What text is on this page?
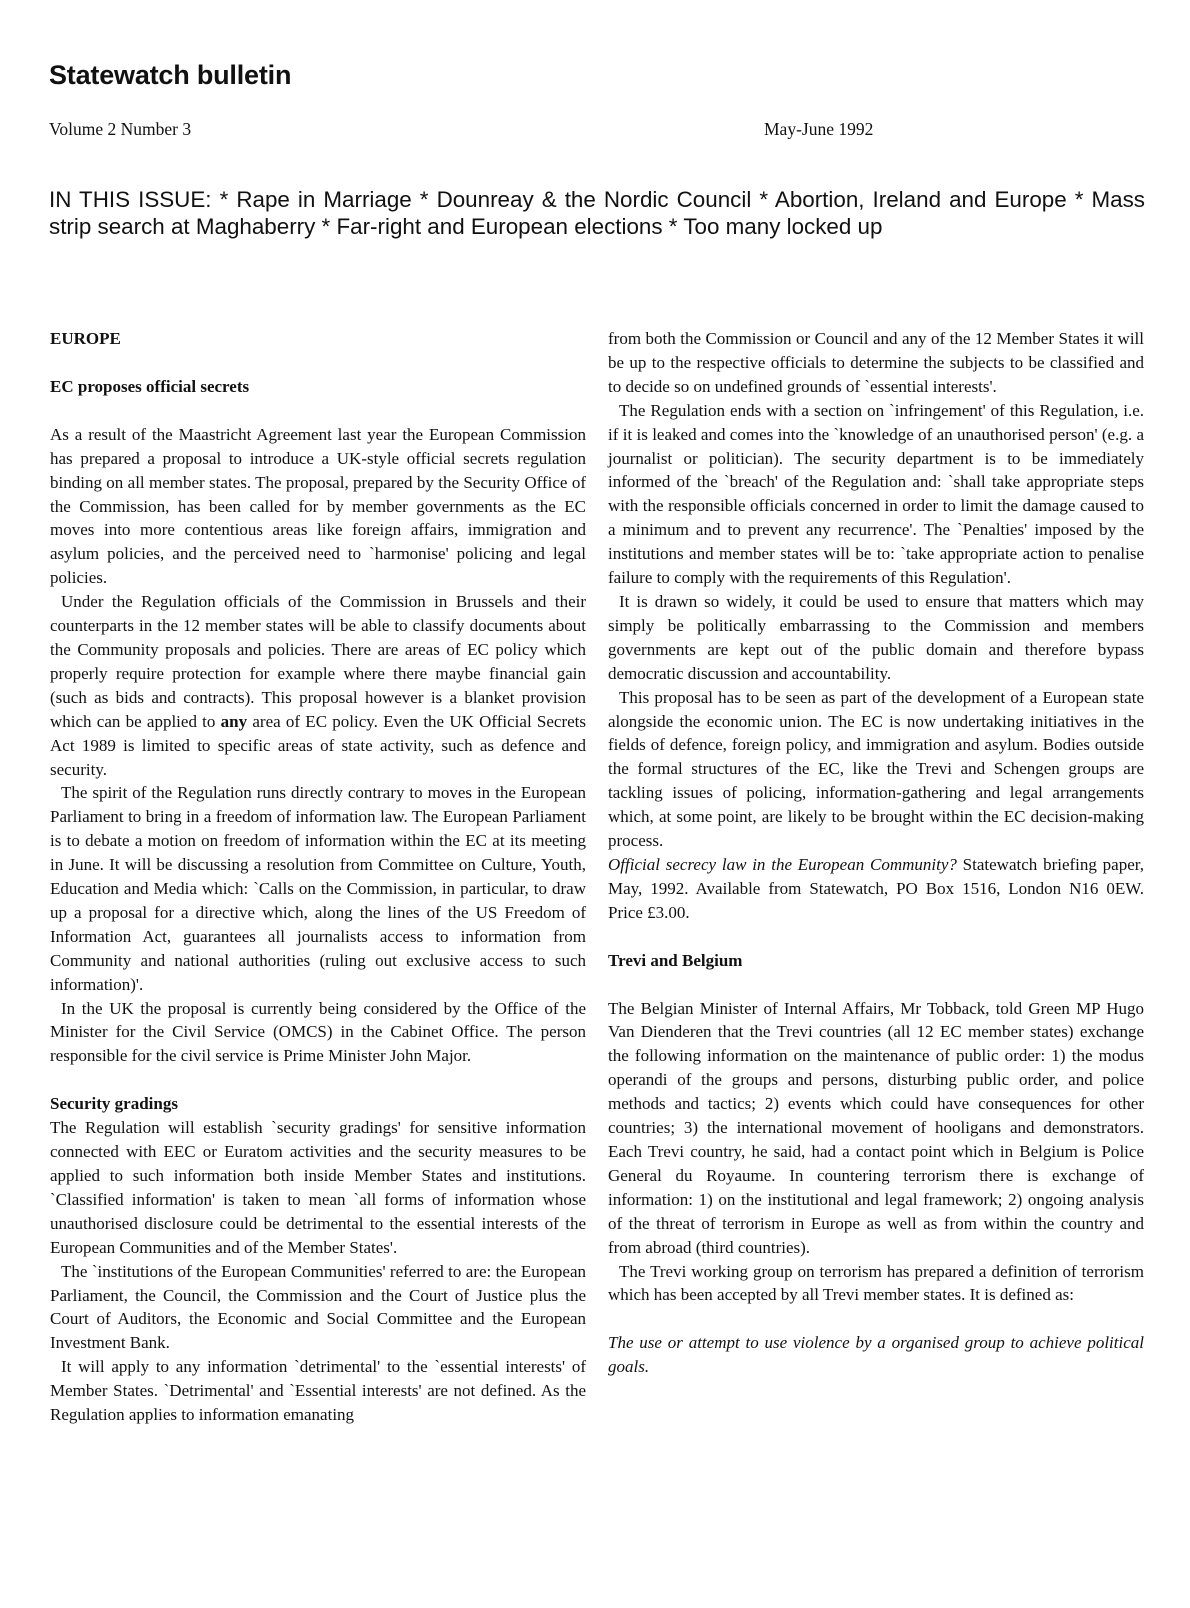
Statewatch bulletin
Volume 2 Number 3	May-June 1992

IN THIS ISSUE: * Rape in Marriage * Dounreay & the Nordic Council * Abortion, Ireland and Europe * Mass strip search at Maghaberry * Far-right and European elections * Too many locked up

EUROPE
EC proposes official secrets

As a result of the Maastricht Agreement last year the European Commission has prepared a proposal to introduce a UK-style official secrets regulation binding on all member states. The proposal, prepared by the Security Office of the Commission, has been called for by member governments as the EC moves into more contentious areas like foreign affairs, immigration and asylum policies, and the perceived need to `harmonise' policing and legal policies.

Under the Regulation officials of the Commission in Brussels and their counterparts in the 12 member states will be able to classify documents about the Community proposals and policies. There are areas of EC policy which properly require protection for example where there maybe financial gain (such as bids and contracts). This proposal however is a blanket provision which can be applied to any area of EC policy. Even the UK Official Secrets Act 1989 is limited to specific areas of state activity, such as defence and security.

The spirit of the Regulation runs directly contrary to moves in the European Parliament to bring in a freedom of information law. The European Parliament is to debate a motion on freedom of information within the EC at its meeting in June. It will be discussing a resolution from Committee on Culture, Youth, Education and Media which: `Calls on the Commission, in particular, to draw up a proposal for a directive which, along the lines of the US Freedom of Information Act, guarantees all journalists access to information from Community and national authorities (ruling out exclusive access to such information)'.

In the UK the proposal is currently being considered by the Office of the Minister for the Civil Service (OMCS) in the Cabinet Office. The person responsible for the civil service is Prime Minister John Major.

Security gradings

The Regulation will establish `security gradings' for sensitive information connected with EEC or Euratom activities and the security measures to be applied to such information both inside Member States and institutions. `Classified information' is taken to mean `all forms of information whose unauthorised disclosure could be detrimental to the essential interests of the European Communities and of the Member States'.

The `institutions of the European Communities' referred to are: the European Parliament, the Council, the Commission and the Court of Justice plus the Court of Auditors, the Economic and Social Committee and the European Investment Bank.

It will apply to any information `detrimental' to the `essential interests' of Member States. `Detrimental' and `Essential interests' are not defined. As the Regulation applies to information emanating

from both the Commission or Council and any of the 12 Member States it will be up to the respective officials to determine the subjects to be classified and to decide so on undefined grounds of `essential interests'.

The Regulation ends with a section on `infringement' of this Regulation, i.e. if it is leaked and comes into the `knowledge of an unauthorised person' (e.g. a journalist or politician). The security department is to be immediately informed of the `breach' of the Regulation and: `shall take appropriate steps with the responsible officials concerned in order to limit the damage caused to a minimum and to prevent any recurrence'. The `Penalties' imposed by the institutions and member states will be to: `take appropriate action to penalise failure to comply with the requirements of this Regulation'.

It is drawn so widely, it could be used to ensure that matters which may simply be politically embarrassing to the Commission and members governments are kept out of the public domain and therefore bypass democratic discussion and accountability.

This proposal has to be seen as part of the development of a European state alongside the economic union. The EC is now undertaking initiatives in the fields of defence, foreign policy, and immigration and asylum. Bodies outside the formal structures of the EC, like the Trevi and Schengen groups are tackling issues of policing, information-gathering and legal arrangements which, at some point, are likely to be brought within the EC decision-making process.

Official secrecy law in the European Community? Statewatch briefing paper, May, 1992. Available from Statewatch, PO Box 1516, London N16 0EW. Price £3.00.

Trevi and Belgium

The Belgian Minister of Internal Affairs, Mr Tobback, told Green MP Hugo Van Dienderen that the Trevi countries (all 12 EC member states) exchange the following information on the maintenance of public order: 1) the modus operandi of the groups and persons, disturbing public order, and police methods and tactics; 2) events which could have consequences for other countries; 3) the international movement of hooligans and demonstrators. Each Trevi country, he said, had a contact point which in Belgium is Police General du Royaume. In countering terrorism there is exchange of information: 1) on the institutional and legal framework; 2) ongoing analysis of the threat of terrorism in Europe as well as from within the country and from abroad (third countries).

The Trevi working group on terrorism has prepared a definition of terrorism which has been accepted by all Trevi member states. It is defined as:

The use or attempt to use violence by a organised group to achieve political goals.
